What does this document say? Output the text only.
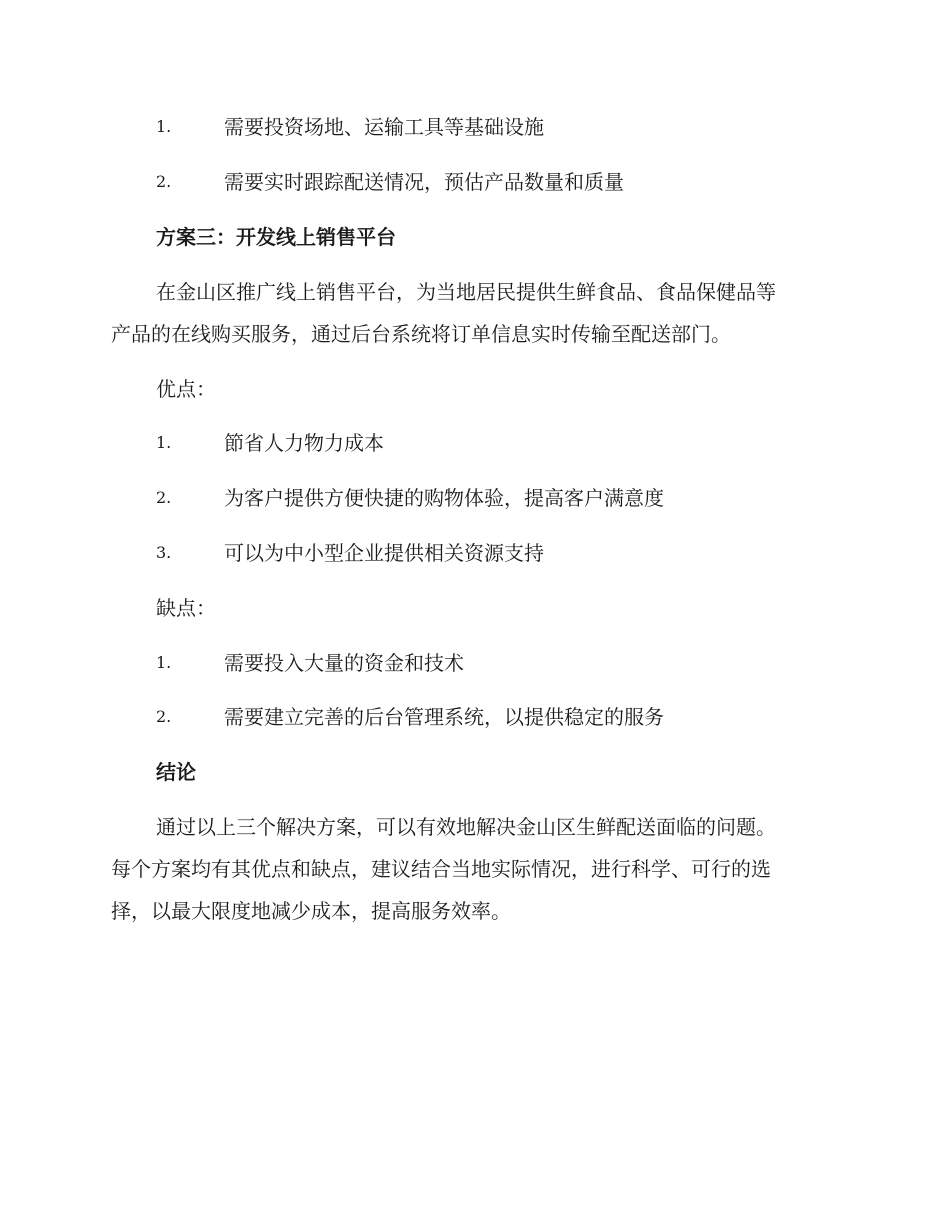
1.	需要投资场地、运输工具等基础设施
2.	需要实时跟踪配送情况，预估产品数量和质量
方案三：开发线上销售平台
在金山区推广线上销售平台，为当地居民提供生鲜食品、食品保健品等
产品的在线购买服务，通过后台系统将订单信息实时传输至配送部门。
优点：
1.	節省人力物力成本
2.	为客户提供方便快捷的购物体验，提高客户满意度
3.	可以为中小型企业提供相关资源支持
缺点：
1.	需要投入大量的资金和技术
2.	需要建立完善的后台管理系统，以提供稳定的服务
结论
通过以上三个解决方案，可以有效地解决金山区生鲜配送面临的问题。
每个方案均有其优点和缺点，建议结合当地实际情况，进行科学、可行的选
择，以最大限度地减少成本，提高服务效率。
